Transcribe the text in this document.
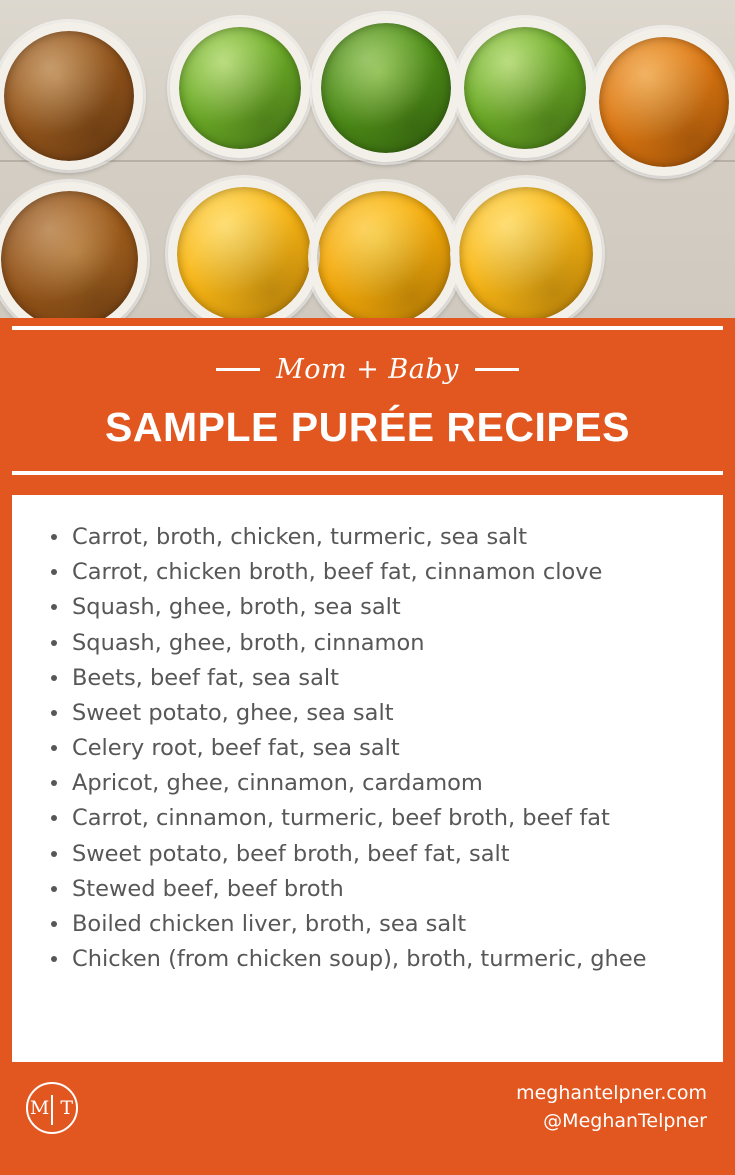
Mom + Baby
SAMPLE PURÉE RECIPES
Carrot, broth, chicken, turmeric, sea salt
Carrot, chicken broth, beef fat, cinnamon clove
Squash, ghee, broth, sea salt
Squash, ghee, broth, cinnamon
Beets, beef fat, sea salt
Sweet potato, ghee, sea salt
Celery root, beef fat, sea salt
Apricot, ghee, cinnamon, cardamom
Carrot, cinnamon, turmeric, beef broth, beef fat
Sweet potato, beef broth, beef fat, salt
Stewed beef, beef broth
Boiled chicken liver, broth, sea salt
Chicken (from chicken soup), broth, turmeric, ghee
M T
meghantelpner.com
@MeghanTelpner
